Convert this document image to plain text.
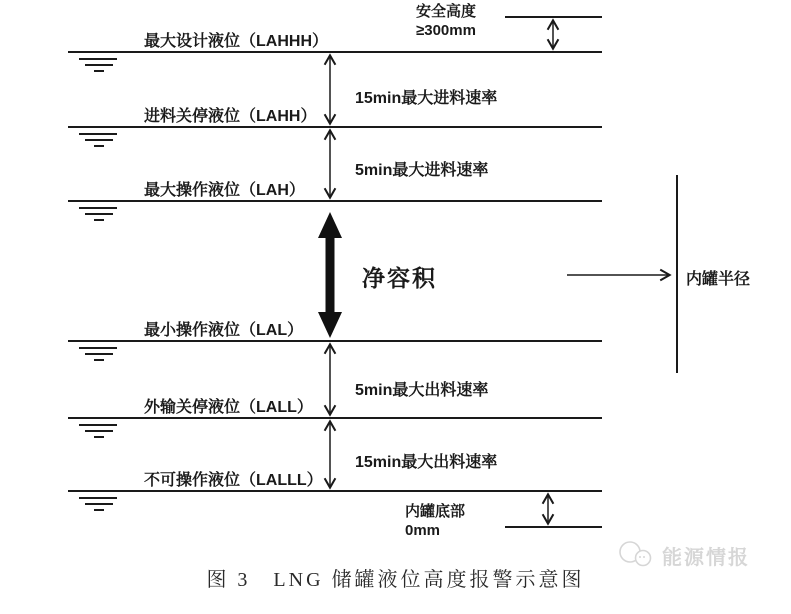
最大设计液位（LAHHH）
进料关停液位（LAHH）
最大操作液位（LAH）
最小操作液位（LAL）
外输关停液位（LALL）
不可操作液位（LALLL）
15min最大进料速率
5min最大进料速率
5min最大出料速率
15min最大出料速率
净容积
安全高度
≥300mm
内罐底部
0mm
内罐半径
图 3　LNG 储罐液位高度报警示意图
能源情报
